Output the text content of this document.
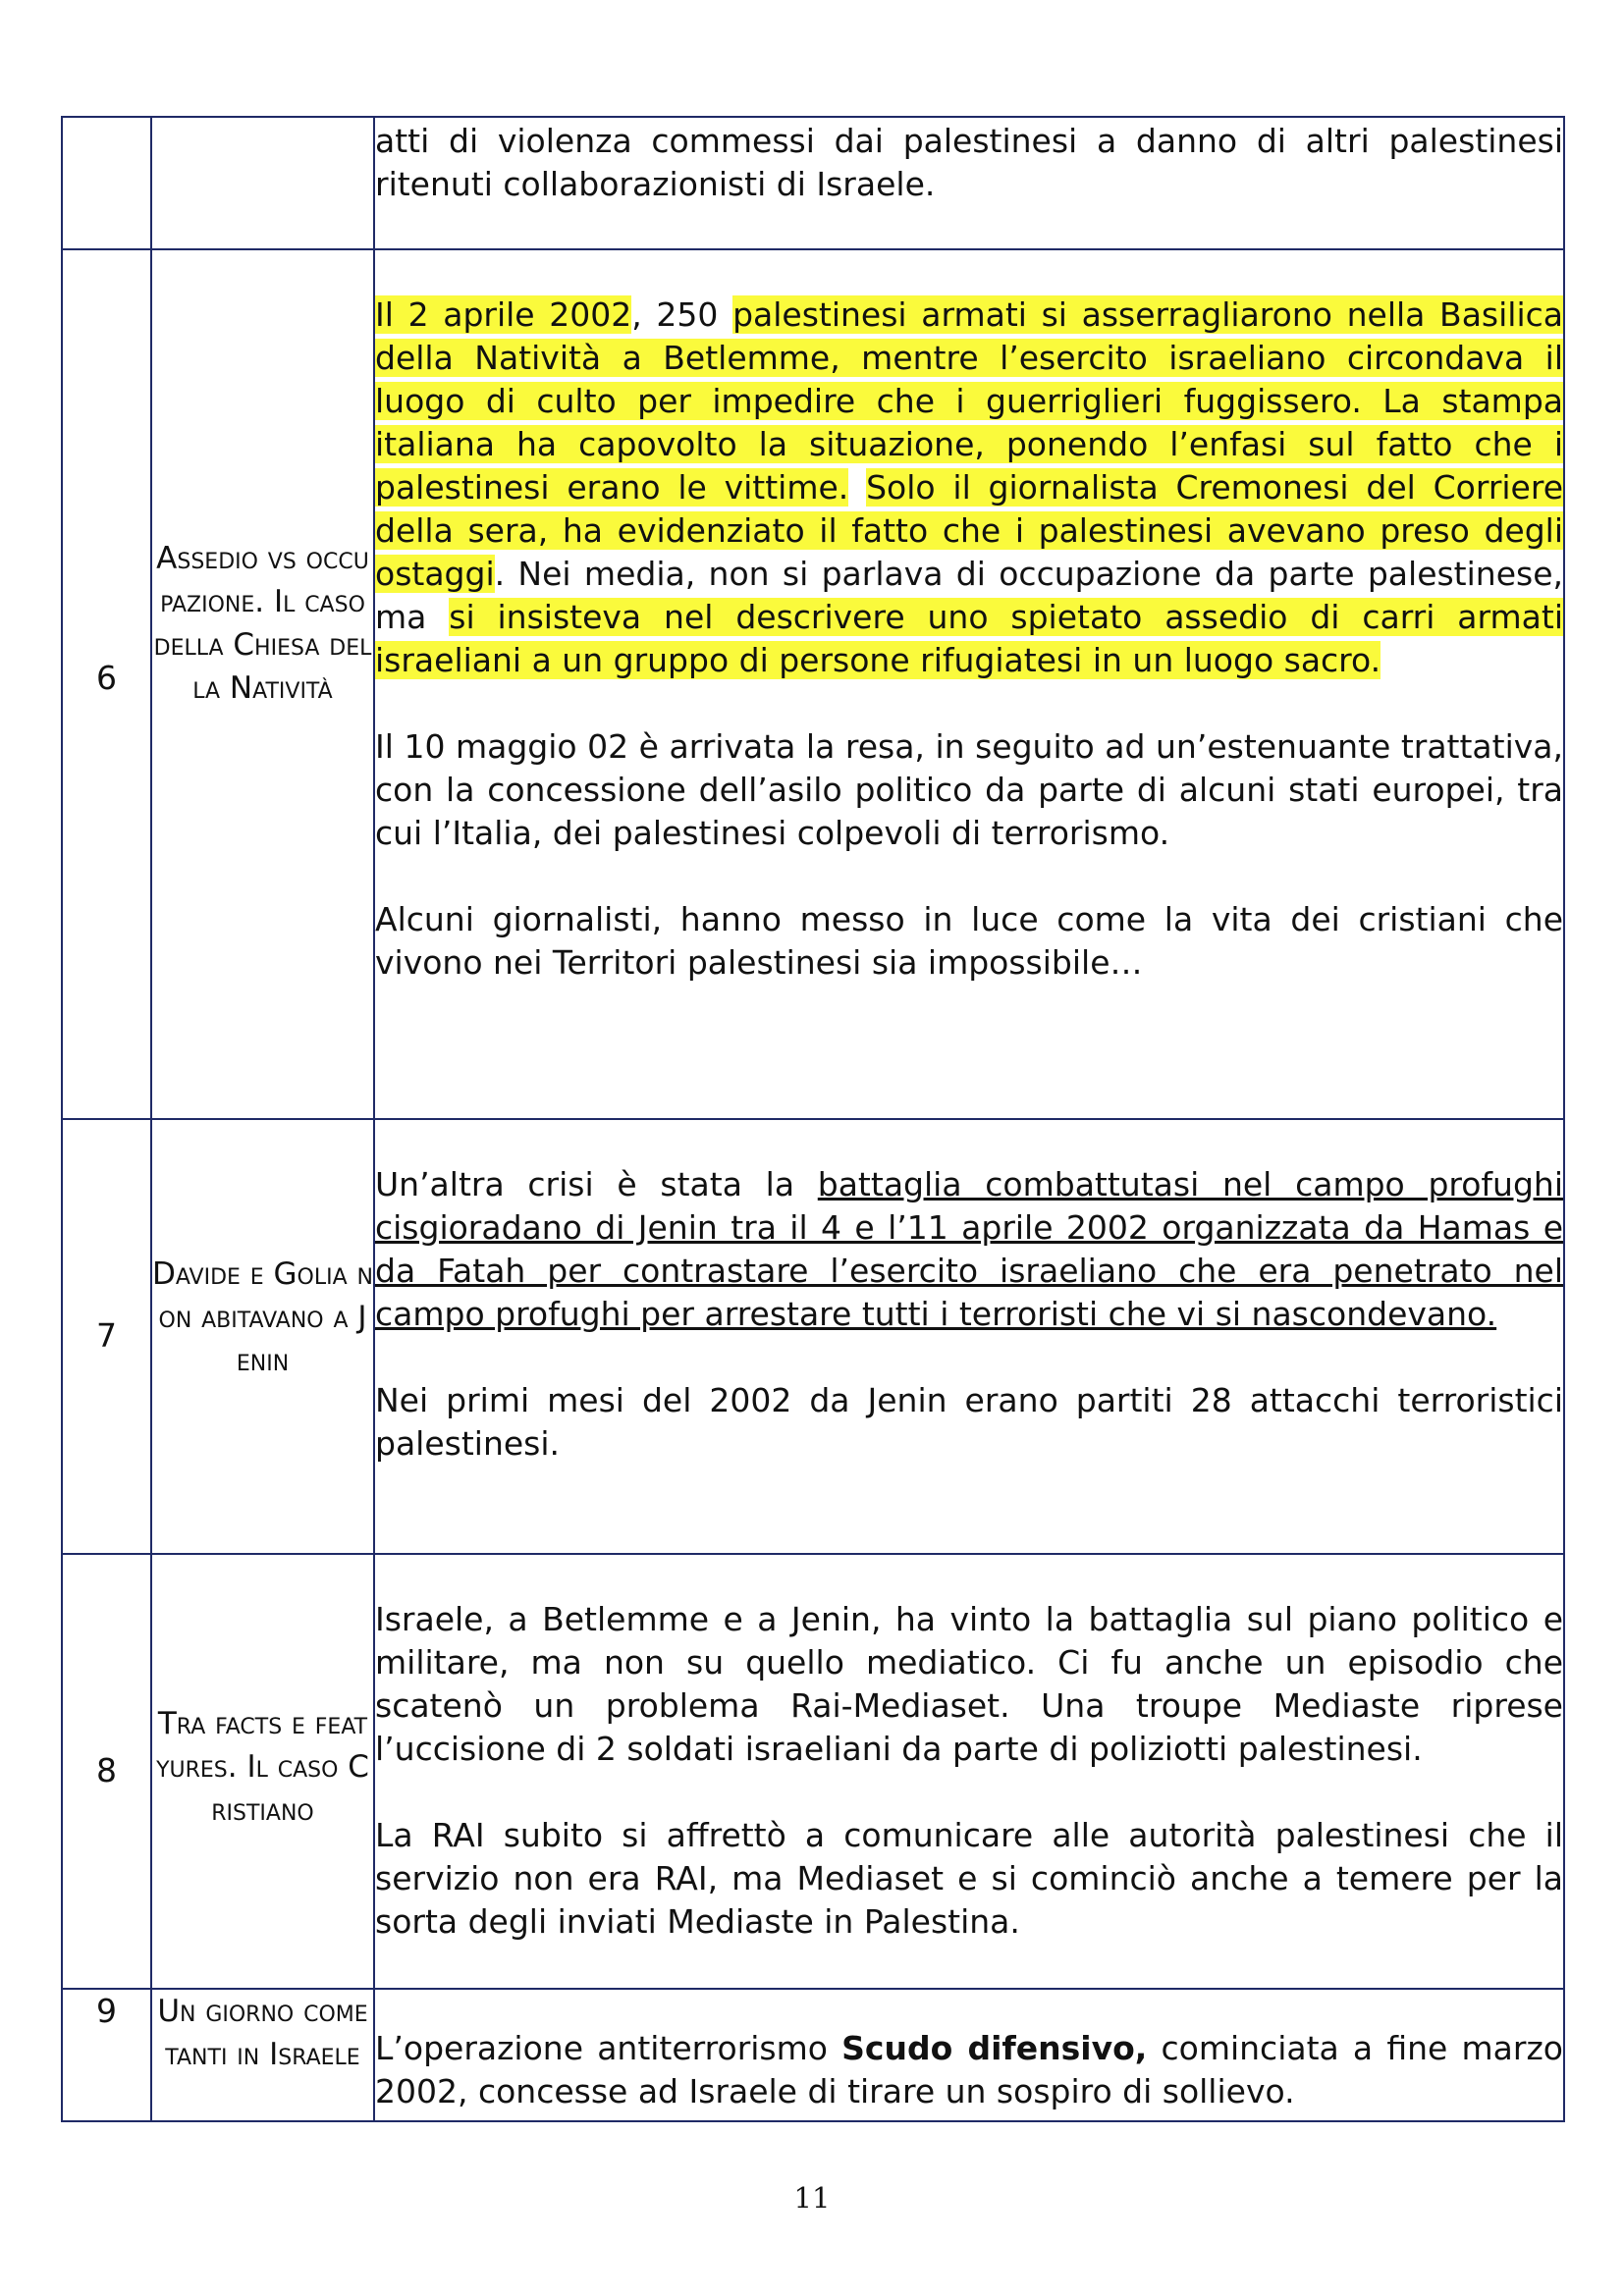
		atti di violenza commessi dai palestinesi a danno di altri palestinesi ritenuti collaborazionisti di Israele.

6	Assedio vs occupazione. Il caso della Chiesa della Natività	Il 2 aprile 2002, 250 palestinesi armati si asserragliarono nella Basilica della Natività a Betlemme, mentre l’esercito israeliano circondava il luogo di culto per impedire che i guerriglieri fuggissero. La stampa italiana ha capovolto la situazione, ponendo l’enfasi sul fatto che i palestinesi erano le vittime. Solo il giornalista Cremonesi del Corriere della sera, ha evidenziato il fatto che i palestinesi avevano preso degli ostaggi. Nei media, non si parlava di occupazione da parte palestinese, ma si insisteva nel descrivere uno spietato assedio di carri armati israeliani a un gruppo di persone rifugiatesi in un luogo sacro.

Il 10 maggio 02 è arrivata la resa, in seguito ad un’estenuante trattativa, con la concessione dell’asilo politico da parte di alcuni stati europei, tra cui l’Italia, dei palestinesi colpevoli di terrorismo.

Alcuni giornalisti, hanno messo in luce come la vita dei cristiani che vivono nei Territori palestinesi sia impossibile…

7	Davide e Golia non abitavano a Jenin	Un’altra crisi è stata la battaglia combattutasi nel campo profughi cisgioradano di Jenin tra il 4 e l’11 aprile 2002 organizzata da Hamas e da Fatah per contrastare l’esercito israeliano che era penetrato nel campo profughi per arrestare tutti i terroristi che vi si nascondevano.

Nei primi mesi del 2002 da Jenin erano partiti 28 attacchi terroristici palestinesi.

8	Tra facts e featyures. Il caso Cristiano	Israele, a Betlemme e a Jenin, ha vinto la battaglia sul piano politico e militare, ma non su quello mediatico. Ci fu anche un episodio che scatenò un problema Rai-Mediaset. Una troupe Mediaste riprese l’uccisione di 2 soldati israeliani da parte di poliziotti palestinesi.

La RAI subito si affrettò a comunicare alle autorità palestinesi che il servizio non era RAI, ma Mediaset e si cominciò anche a temere per la sorta degli inviati Mediaste in Palestina.

9	Un giorno come tanti in Israele	L’operazione antiterrorismo Scudo difensivo, cominciata a fine marzo 2002, concesse ad Israele di tirare un sospiro di sollievo.

11
